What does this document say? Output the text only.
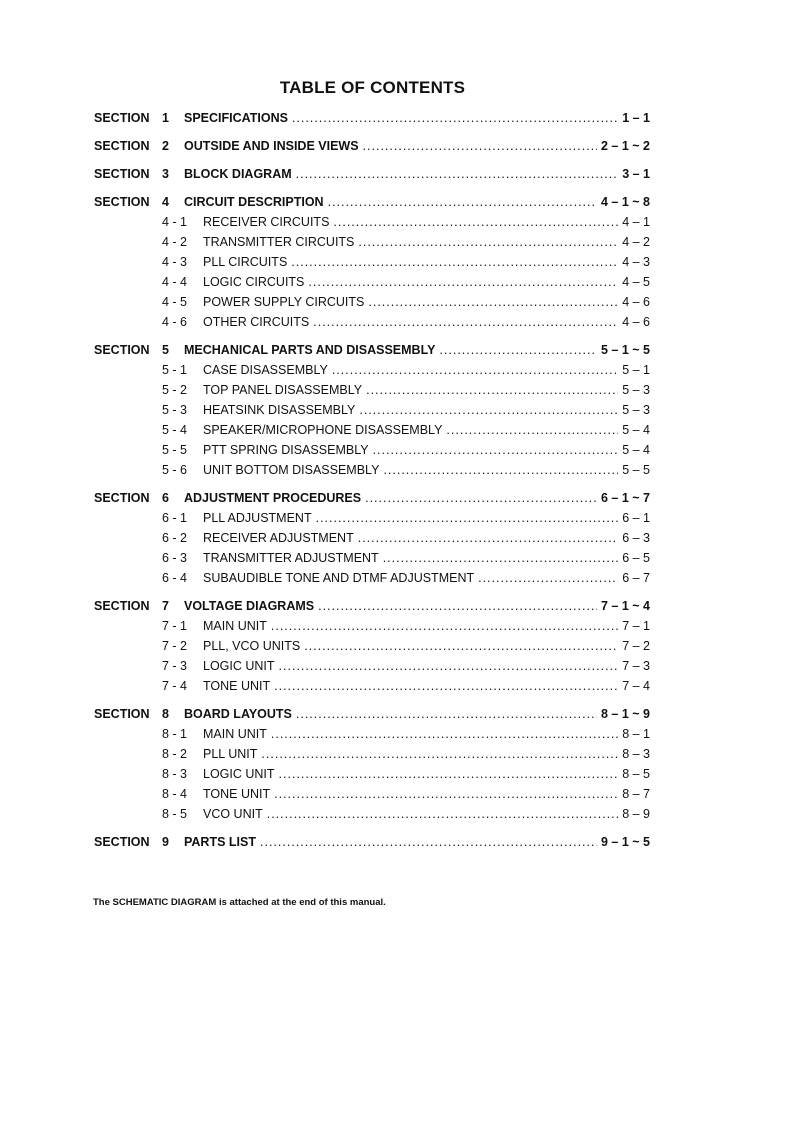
TABLE OF CONTENTS
SECTION 1 SPECIFICATIONS .....	1 – 1
SECTION 2 OUTSIDE AND INSIDE VIEWS .....	2 – 1 ~ 2
SECTION 3 BLOCK DIAGRAM .....	3 – 1
SECTION 4 CIRCUIT DESCRIPTION .....	4 – 1 ~ 8
4 - 1 RECEIVER CIRCUITS .....	4 – 1
4 - 2 TRANSMITTER CIRCUITS .....	4 – 2
4 - 3 PLL CIRCUITS .....	4 – 3
4 - 4 LOGIC CIRCUITS .....	4 – 5
4 - 5 POWER SUPPLY CIRCUITS .....	4 – 6
4 - 6 OTHER CIRCUITS .....	4 – 6
SECTION 5 MECHANICAL PARTS AND DISASSEMBLY .....	5 – 1 ~ 5
5 - 1 CASE DISASSEMBLY .....	5 – 1
5 - 2 TOP PANEL DISASSEMBLY .....	5 – 3
5 - 3 HEATSINK DISASSEMBLY .....	5 – 3
5 - 4 SPEAKER/MICROPHONE DISASSEMBLY .....	5 – 4
5 - 5 PTT SPRING DISASSEMBLY .....	5 – 4
5 - 6 UNIT BOTTOM DISASSEMBLY .....	5 – 5
SECTION 6 ADJUSTMENT PROCEDURES .....	6 – 1 ~ 7
6 - 1 PLL ADJUSTMENT .....	6 – 1
6 - 2 RECEIVER ADJUSTMENT .....	6 – 3
6 - 3 TRANSMITTER ADJUSTMENT .....	6 – 5
6 - 4 SUBAUDIBLE TONE AND DTMF ADJUSTMENT .....	6 – 7
SECTION 7 VOLTAGE DIAGRAMS .....	7 – 1 ~ 4
7 - 1 MAIN UNIT .....	7 – 1
7 - 2 PLL, VCO UNITS .....	7 – 2
7 - 3 LOGIC UNIT .....	7 – 3
7 - 4 TONE UNIT .....	7 – 4
SECTION 8 BOARD LAYOUTS .....	8 – 1 ~ 9
8 - 1 MAIN UNIT .....	8 – 1
8 - 2 PLL UNIT .....	8 – 3
8 - 3 LOGIC UNIT .....	8 – 5
8 - 4 TONE UNIT .....	8 – 7
8 - 5 VCO UNIT .....	8 – 9
SECTION 9 PARTS LIST .....	9 – 1 ~ 5
The SCHEMATIC DIAGRAM is attached at the end of this manual.
